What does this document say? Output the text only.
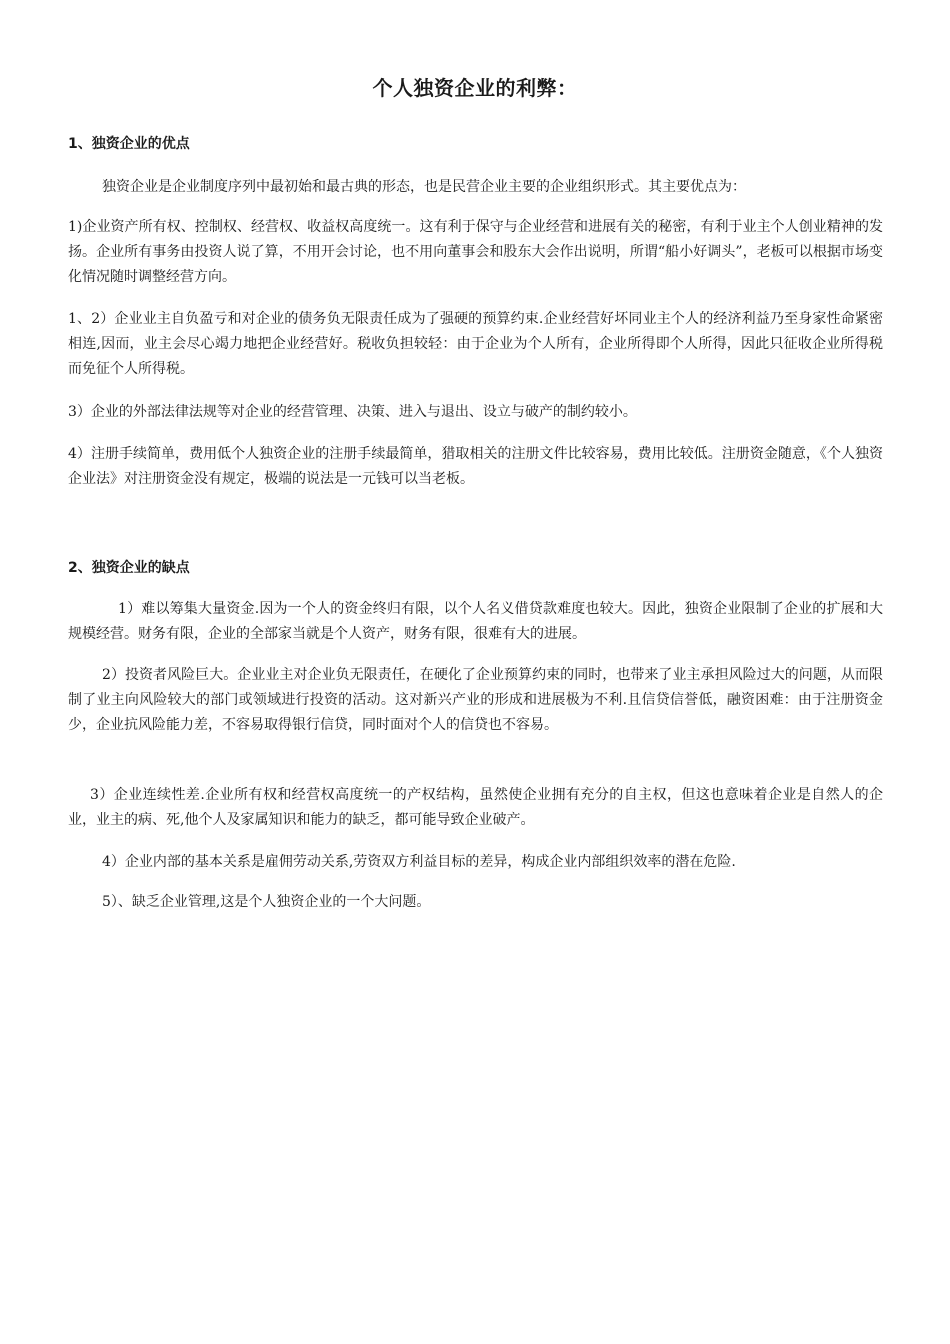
个人独资企业的利弊：
1、独资企业的优点

独资企业是企业制度序列中最初始和最古典的形态，也是民营企业主要的企业组织形式。其主要优点为：

1)企业资产所有权、控制权、经营权、收益权高度统一。这有利于保守与企业经营和进展有关的秘密，有利于业主个人创业精神的发扬。企业所有事务由投资人说了算，不用开会讨论，也不用向董事会和股东大会作出说明，所谓“船小好调头”，老板可以根据市场变化情况随时调整经营方向。

1、2）企业业主自负盈亏和对企业的债务负无限责任成为了强硬的预算约束.企业经营好坏同业主个人的经济利益乃至身家性命紧密相连,因而，业主会尽心竭力地把企业经营好。税收负担较轻：由于企业为个人所有，企业所得即个人所得，因此只征收企业所得税而免征个人所得税。

3）企业的外部法律法规等对企业的经营管理、决策、进入与退出、设立与破产的制约较小。

4）注册手续简单，费用低个人独资企业的注册手续最简单，猎取相关的注册文件比较容易，费用比较低。注册资金随意，《个人独资企业法》对注册资金没有规定，极端的说法是一元钱可以当老板。

2、独资企业的缺点

1）难以筹集大量资金.因为一个人的资金终归有限，以个人名义借贷款难度也较大。因此，独资企业限制了企业的扩展和大规模经营。财务有限，企业的全部家当就是个人资产，财务有限，很难有大的进展。

2）投资者风险巨大。企业业主对企业负无限责任，在硬化了企业预算约束的同时，也带来了业主承担风险过大的问题，从而限制了业主向风险较大的部门或领域进行投资的活动。这对新兴产业的形成和进展极为不利.且信贷信誉低，融资困难：由于注册资金少，企业抗风险能力差，不容易取得银行信贷，同时面对个人的信贷也不容易。

3）企业连续性差.企业所有权和经营权高度统一的产权结构，虽然使企业拥有充分的自主权，但这也意味着企业是自然人的企业，业主的病、死,他个人及家属知识和能力的缺乏，都可能导致企业破产。

4）企业内部的基本关系是雇佣劳动关系,劳资双方利益目标的差异，构成企业内部组织效率的潜在危险.

5）、缺乏企业管理,这是个人独资企业的一个大问题。
